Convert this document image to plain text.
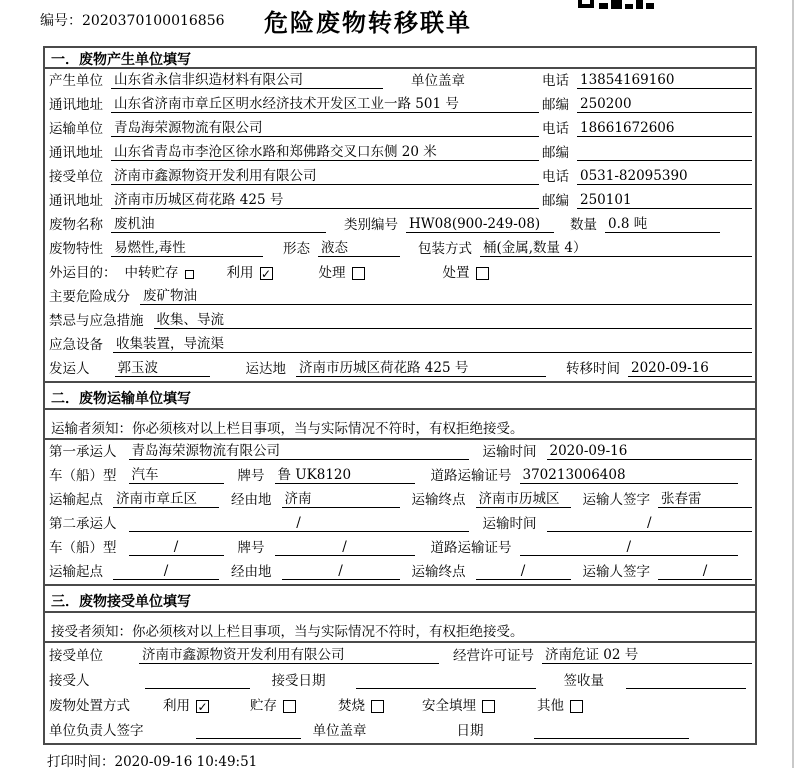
编号：2020370100016856	危险废物转移联单
一．废物产生单位填写
产生单位 山东省永信非织造材料有限公司	单位盖章	电话 13854169160
通讯地址 山东省济南市章丘区明水经济技术开发区工业一路 501 号	邮编 250200
运输单位 青岛海荣源物流有限公司	电话 18661672606
通讯地址 山东省青岛市李沧区徐水路和郑佛路交叉口东侧 20 米	邮编
接受单位 济南市鑫源物资开发利用有限公司	电话 0531-82095390
通讯地址 济南市历城区荷花路 425 号	邮编 250101
废物名称 废机油	类别编号 HW08(900-249-08)	数量 0.8 吨
废物特性 易燃性,毒性	形态 液态	包装方式 桶(金属,数量 4）
外运目的： 中转贮存	利用 ✓	处理	处置
主要危险成分 废矿物油
禁忌与应急措施 收集、导流
应急设备 收集装置，导流渠
发运人 郭玉波	运达地 济南市历城区荷花路 425 号	转移时间 2020-09-16
二．废物运输单位填写
运输者须知：你必须核对以上栏目事项，当与实际情况不符时，有权拒绝接受。
第一承运人 青岛海荣源物流有限公司	运输时间 2020-09-16
车（船）型 汽车	牌号 鲁 UK8120	道路运输证号 370213006408
运输起点 济南市章丘区	经由地 济南	运输终点 济南市历城区	运输人签字 张春雷
第二承运人	/	运输时间	/
车（船）型	/	牌号	/	道路运输证号	/
运输起点	/	经由地	/	运输终点	/	运输人签字	/
三．废物接受单位填写
接受者须知：你必须核对以上栏目事项，当与实际情况不符时，有权拒绝接受。
接受单位	济南市鑫源物资开发利用有限公司	经营许可证号 济南危证 02 号
接受人	接受日期	签收量
废物处置方式 利用 ✓	贮存	焚烧	安全填埋	其他
单位负责人签字	单位盖章	日期
打印时间：2020-09-16 10:49:51
